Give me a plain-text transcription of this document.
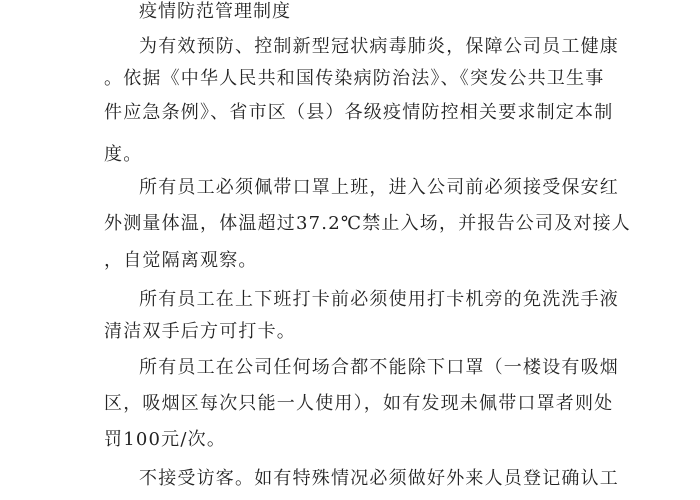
疫情防范管理制度
为有效预防、控制新型冠状病毒肺炎，保障公司员工健康
。依据《中华人民共和国传染病防治法》、《突发公共卫生事
件应急条例》、省市区（县）各级疫情防控相关要求制定本制
度。
所有员工必须佩带口罩上班，进入公司前必须接受保安红
外测量体温，体温超过37.2℃禁止入场，并报告公司及对接人
，自觉隔离观察。
所有员工在上下班打卡前必须使用打卡机旁的免洗洗手液
清洁双手后方可打卡。
所有员工在公司任何场合都不能除下口罩（一楼设有吸烟
区，吸烟区每次只能一人使用），如有发现未佩带口罩者则处
罚100元/次。
不接受访客。如有特殊情况必须做好外来人员登记确认工
